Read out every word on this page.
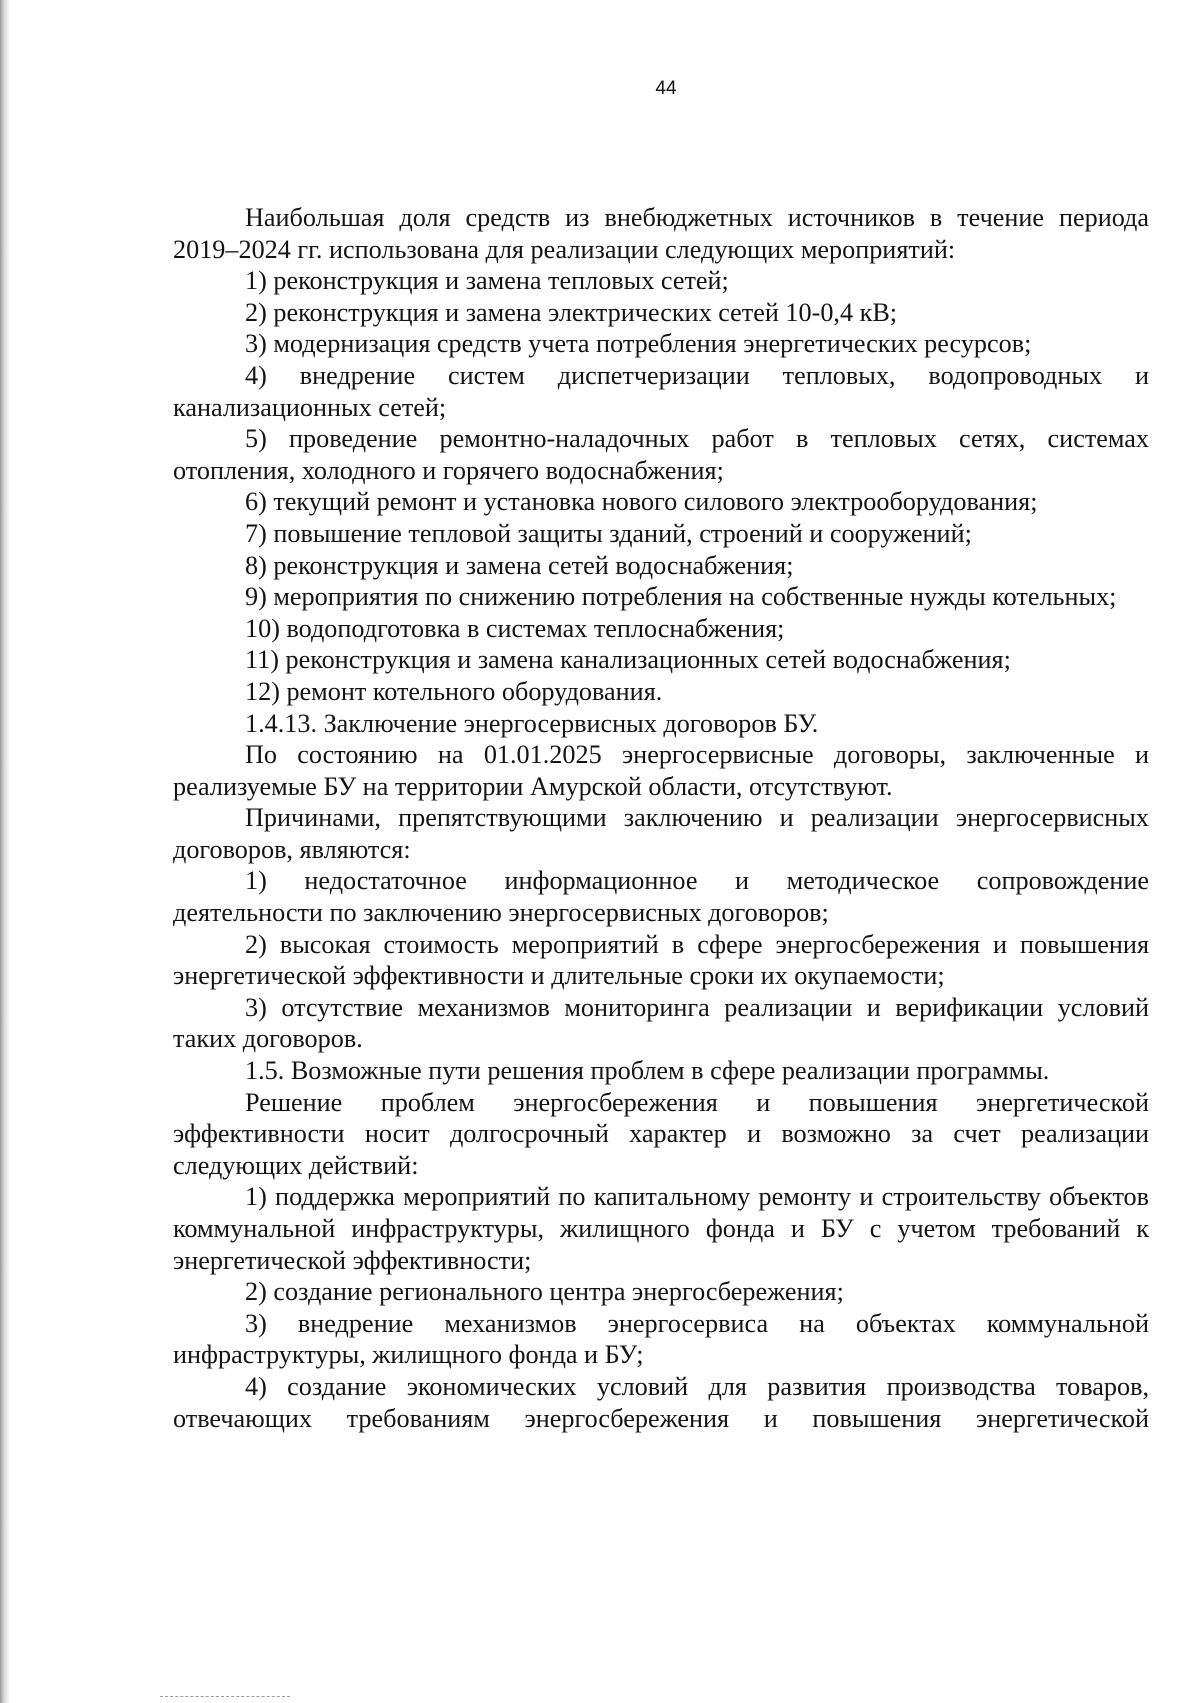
44

Наибольшая доля средств из внебюджетных источников в течение периода 2019–2024 гг. использована для реализации следующих мероприятий:

1) реконструкция и замена тепловых сетей;

2) реконструкция и замена электрических сетей 10-0,4 кВ;

3) модернизация средств учета потребления энергетических ресурсов;

4) внедрение систем диспетчеризации тепловых, водопроводных и канализационных сетей;

5) проведение ремонтно-наладочных работ в тепловых сетях, системах отопления, холодного и горячего водоснабжения;

6) текущий ремонт и установка нового силового электрооборудования;

7) повышение тепловой защиты зданий, строений и сооружений;

8) реконструкция и замена сетей водоснабжения;

9) мероприятия по снижению потребления на собственные нужды котельных;

10) водоподготовка в системах теплоснабжения;

11) реконструкция и замена канализационных сетей водоснабжения;

12) ремонт котельного оборудования.

1.4.13. Заключение энергосервисных договоров БУ.

По состоянию на 01.01.2025 энергосервисные договоры, заключенные и реализуемые БУ на территории Амурской области, отсутствуют.

Причинами, препятствующими заключению и реализации энергосервисных договоров, являются:

1) недостаточное информационное и методическое сопровождение деятельности по заключению энергосервисных договоров;

2) высокая стоимость мероприятий в сфере энергосбережения и повышения энергетической эффективности и длительные сроки их окупаемости;

3) отсутствие механизмов мониторинга реализации и верификации условий таких договоров.

1.5. Возможные пути решения проблем в сфере реализации программы.

Решение проблем энергосбережения и повышения энергетической эффективности носит долгосрочный характер и возможно за счет реализации следующих действий:

1) поддержка мероприятий по капитальному ремонту и строительству объектов коммунальной инфраструктуры, жилищного фонда и БУ с учетом требований к энергетической эффективности;

2) создание регионального центра энергосбережения;

3) внедрение механизмов энергосервиса на объектах коммунальной инфраструктуры, жилищного фонда и БУ;

4) создание экономических условий для развития производства товаров, отвечающих требованиям энергосбережения и повышения энергетической
